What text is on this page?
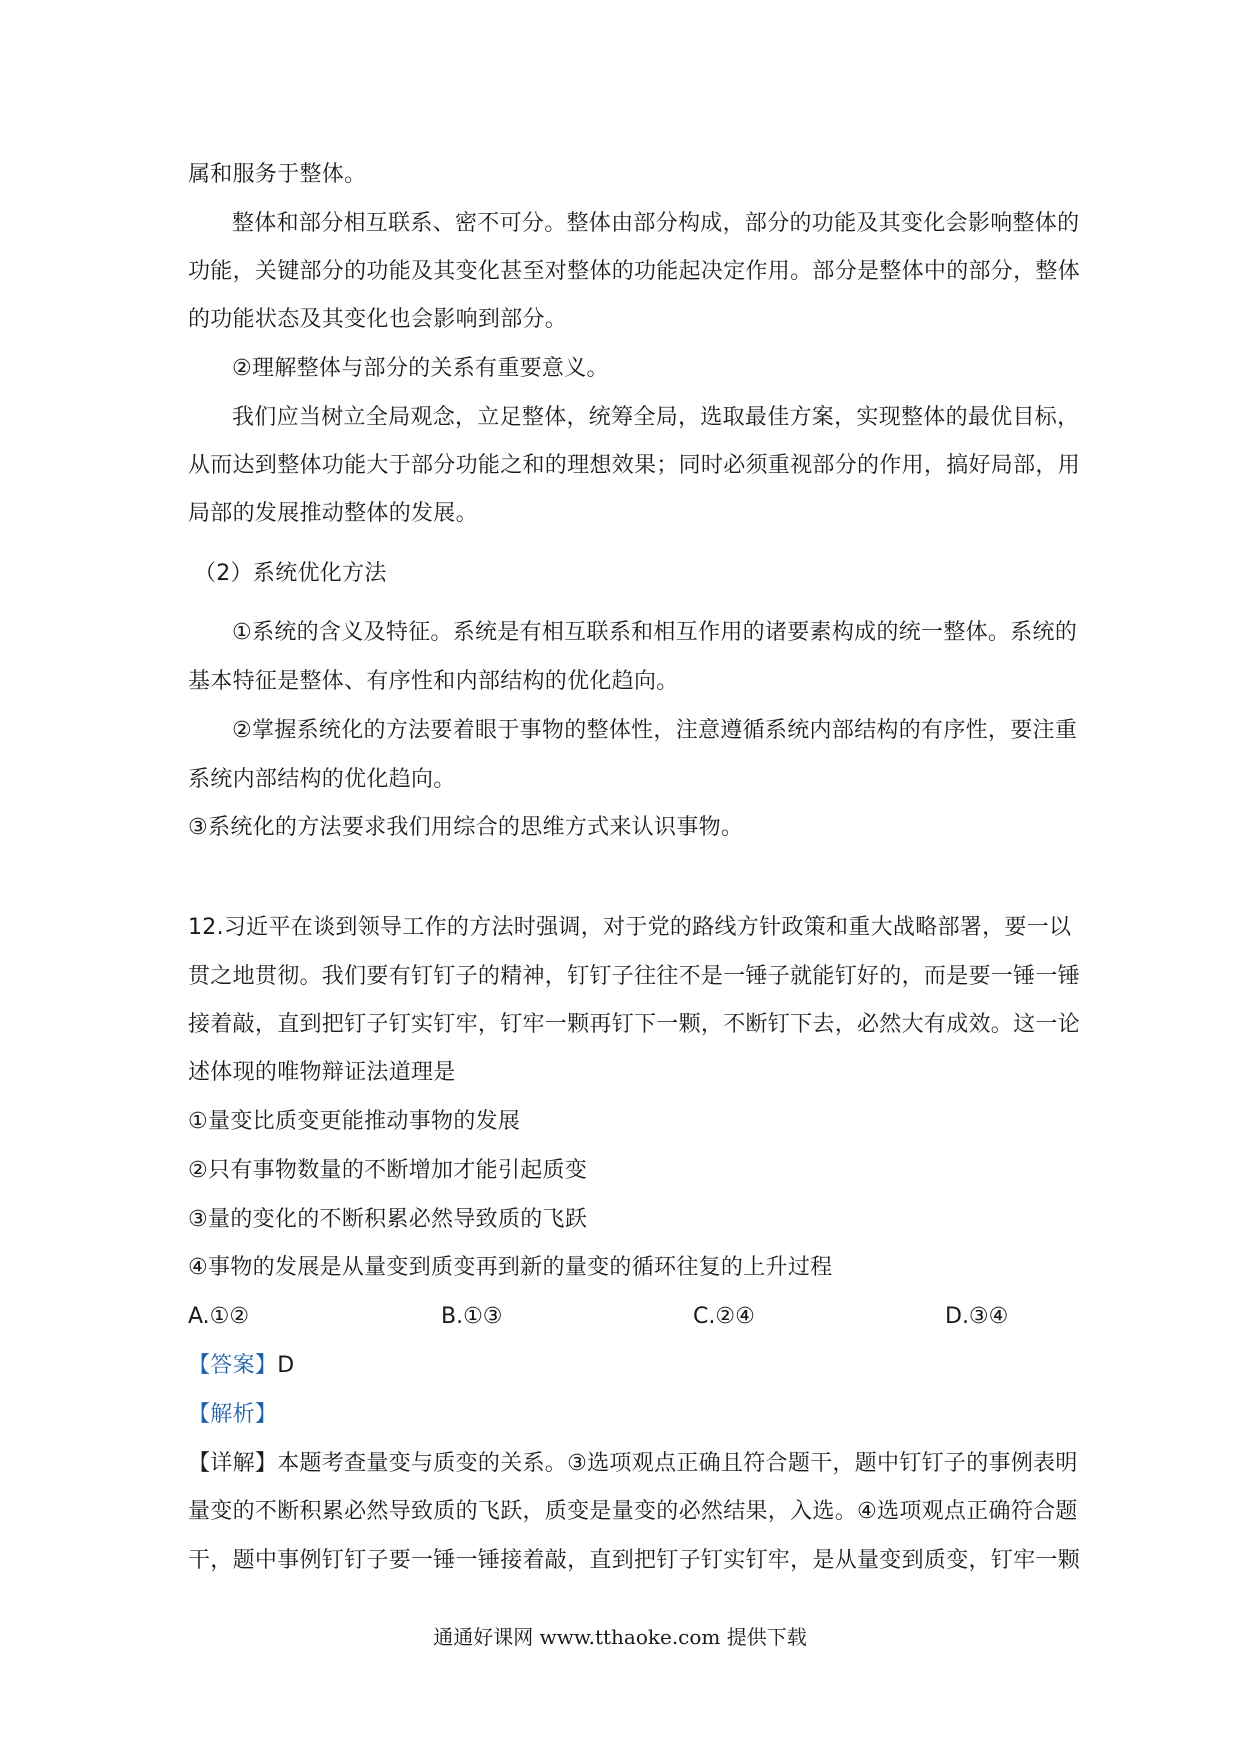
属和服务于整体。
整体和部分相互联系、密不可分。整体由部分构成，部分的功能及其变化会影响整体的
功能，关键部分的功能及其变化甚至对整体的功能起决定作用。部分是整体中的部分，整体
的功能状态及其变化也会影响到部分。
②理解整体与部分的关系有重要意义。
我们应当树立全局观念，立足整体，统筹全局，选取最佳方案，实现整体的最优目标，
从而达到整体功能大于部分功能之和的理想效果；同时必须重视部分的作用，搞好局部，用
局部的发展推动整体的发展。
（2）系统优化方法
①系统的含义及特征。系统是有相互联系和相互作用的诸要素构成的统一整体。系统的
基本特征是整体、有序性和内部结构的优化趋向。
②掌握系统化的方法要着眼于事物的整体性，注意遵循系统内部结构的有序性，要注重
系统内部结构的优化趋向。
③系统化的方法要求我们用综合的思维方式来认识事物。
12.习近平在谈到领导工作的方法时强调，对于党的路线方针政策和重大战略部署，要一以
贯之地贯彻。我们要有钉钉子的精神，钉钉子往往不是一锤子就能钉好的，而是要一锤一锤
接着敲，直到把钉子钉实钉牢，钉牢一颗再钉下一颗，不断钉下去，必然大有成效。这一论
述体现的唯物辩证法道理是
①量变比质变更能推动事物的发展
②只有事物数量的不断增加才能引起质变
③量的变化的不断积累必然导致质的飞跃
④事物的发展是从量变到质变再到新的量变的循环往复的上升过程
A.①②	B.①③	C.②④	D.③④
【答案】D
【解析】
【详解】本题考查量变与质变的关系。③选项观点正确且符合题干，题中钉钉子的事例表明
量变的不断积累必然导致质的飞跃，质变是量变的必然结果，入选。④选项观点正确符合题
干，题中事例钉钉子要一锤一锤接着敲，直到把钉子钉实钉牢，是从量变到质变，钉牢一颗
通通好课网 www.tthaoke.com 提供下载
